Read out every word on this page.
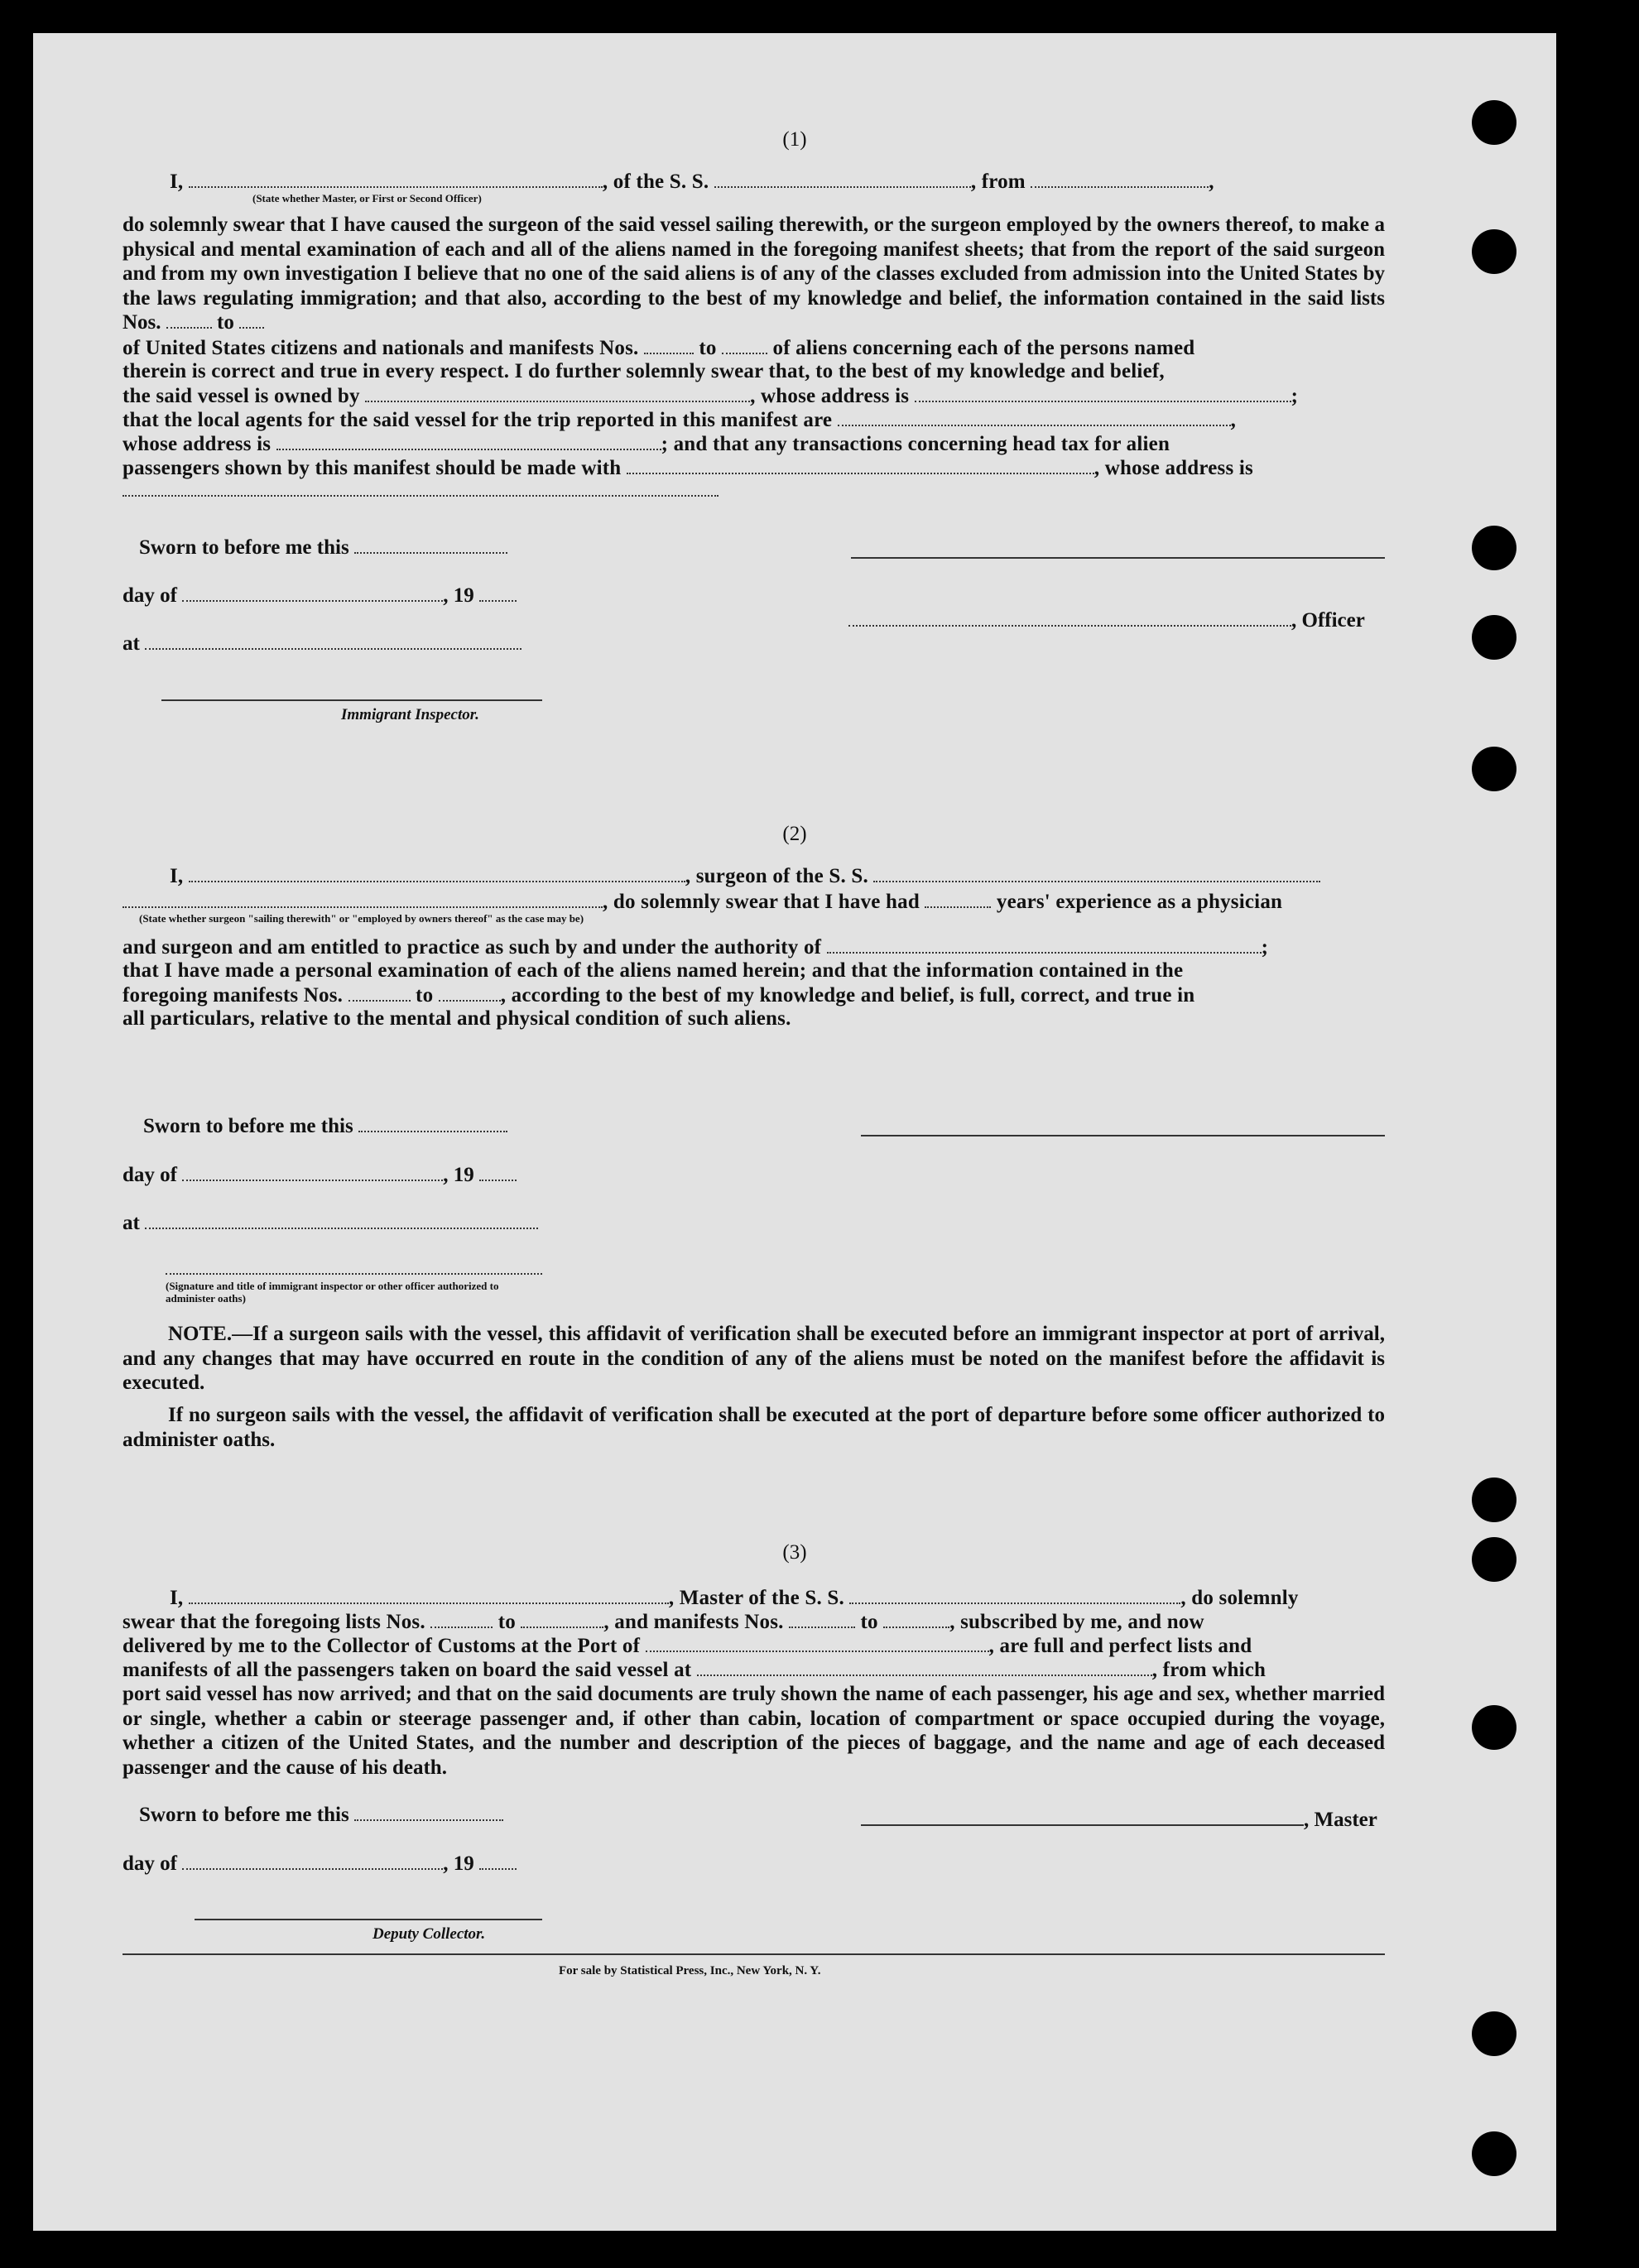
(1)
I,	, of the S. S.	, from	,
(State whether Master, or First or Second Officer)
do solemnly swear that I have caused the surgeon of the said vessel sailing therewith, or the surgeon employed by the owners thereof, to make a physical and mental examination of each and all of the aliens named in the foregoing manifest sheets; that from the report of the said surgeon and from my own investigation I believe that no one of the said aliens is of any of the classes excluded from admission into the United States by the laws regulating immigration; and that also, according to the best of my knowledge and belief, the information contained in the said lists Nos.	to
of United States citizens and nationals and manifests Nos.	to	of aliens concerning each of the persons named
therein is correct and true in every respect. I do further solemnly swear that, to the best of my knowledge and belief,
the said vessel is owned by	, whose address is	;
that the local agents for the said vessel for the trip reported in this manifest are	,
whose address is	; and that any transactions concerning head tax for alien
passengers shown by this manifest should be made with	, whose address is
Sworn to before me this
day of	, 19
, Officer
at
Immigrant Inspector.
(2)
I,	, surgeon of the S. S.
, do solemnly swear that I have had	years' experience as a physician
(State whether surgeon "sailing therewith" or "employed by owners thereof" as the case may be)
and surgeon and am entitled to practice as such by and under the authority of	;
that I have made a personal examination of each of the aliens named herein; and that the information contained in the
foregoing manifests Nos.	to	, according to the best of my knowledge and belief, is full, correct, and true in
all particulars, relative to the mental and physical condition of such aliens.
Sworn to before me this
day of	, 19
at
(Signature and title of immigrant inspector or other officer authorized to administer oaths)
NOTE.—If a surgeon sails with the vessel, this affidavit of verification shall be executed before an immigrant inspector at port of arrival, and any changes that may have occurred en route in the condition of any of the aliens must be noted on the manifest before the affidavit is executed.
If no surgeon sails with the vessel, the affidavit of verification shall be executed at the port of departure before some officer authorized to administer oaths.
(3)
I,	, Master of the S. S.	, do solemnly
swear that the foregoing lists Nos.	to	, and manifests Nos.	to	, subscribed by me, and now
delivered by me to the Collector of Customs at the Port of	, are full and perfect lists and
manifests of all the passengers taken on board the said vessel at	, from which
port said vessel has now arrived; and that on the said documents are truly shown the name of each passenger, his age and sex, whether married or single, whether a cabin or steerage passenger and, if other than cabin, location of compartment or space occupied during the voyage, whether a citizen of the United States, and the number and description of the pieces of baggage, and the name and age of each deceased passenger and the cause of his death.
Sworn to before me this	, Master
day of	, 19
Deputy Collector.
For sale by Statistical Press, Inc., New York, N. Y.
